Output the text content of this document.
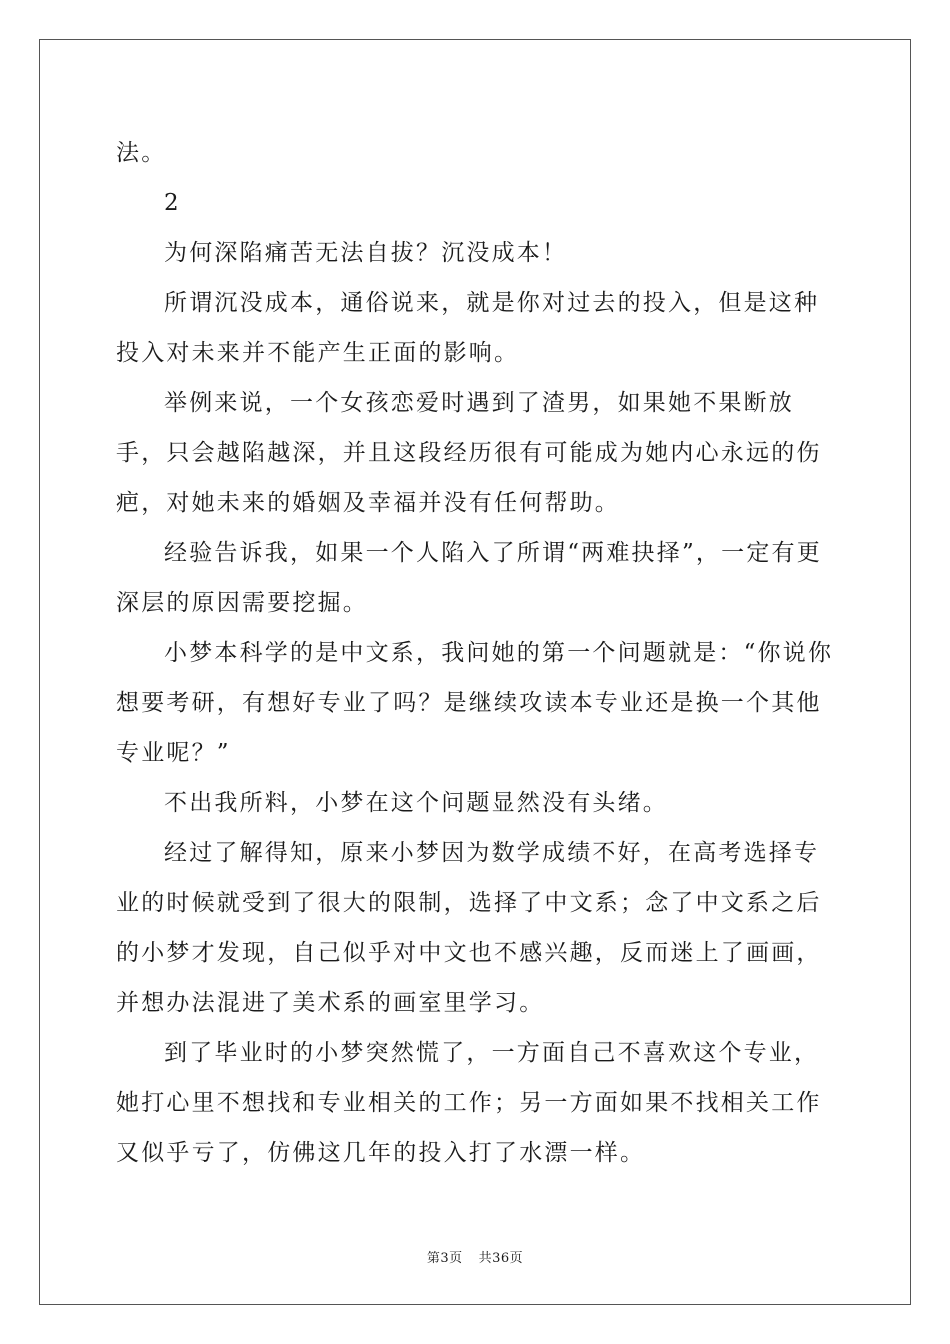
法。

2

为何深陷痛苦无法自拔？沉没成本！

所谓沉没成本，通俗说来，就是你对过去的投入，但是这种投入对未来并不能产生正面的影响。

举例来说，一个女孩恋爱时遇到了渣男，如果她不果断放手，只会越陷越深，并且这段经历很有可能成为她内心永远的伤疤，对她未来的婚姻及幸福并没有任何帮助。

经验告诉我，如果一个人陷入了所谓“两难抉择”，一定有更深层的原因需要挖掘。

小梦本科学的是中文系，我问她的第一个问题就是：“你说你想要考研，有想好专业了吗？是继续攻读本专业还是换一个其他专业呢？”

不出我所料，小梦在这个问题显然没有头绪。

经过了解得知，原来小梦因为数学成绩不好，在高考选择专业的时候就受到了很大的限制，选择了中文系；念了中文系之后的小梦才发现，自己似乎对中文也不感兴趣，反而迷上了画画，并想办法混进了美术系的画室里学习。

到了毕业时的小梦突然慌了，一方面自己不喜欢这个专业，她打心里不想找和专业相关的工作；另一方面如果不找相关工作又似乎亏了，仿佛这几年的投入打了水漂一样。

第3页 共36页
